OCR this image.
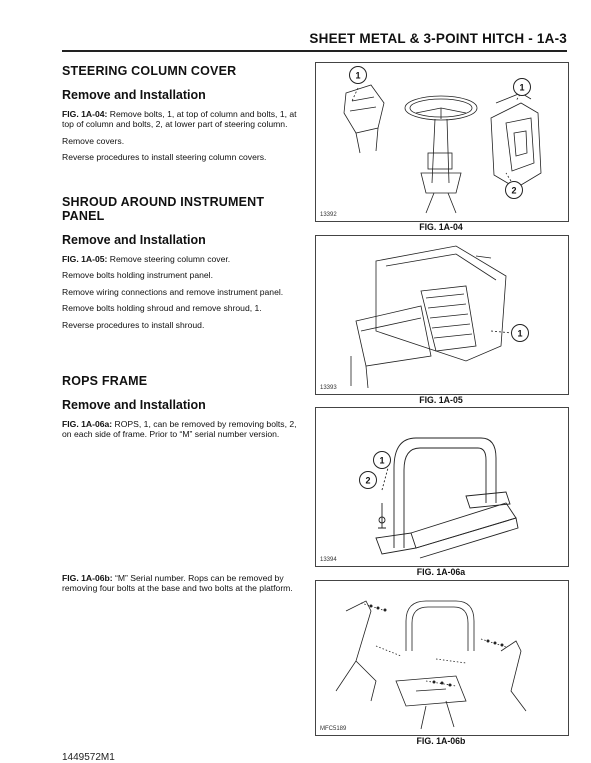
SHEET METAL & 3-POINT HITCH - 1A-3
STEERING COLUMN COVER
Remove and Installation

FIG. 1A-04: Remove bolts, 1, at top of column and bolts, 1, at top of column and bolts, 2, at lower part of steering column.

Remove covers.

Reverse procedures to install steering column covers.

SHROUD AROUND INSTRUMENT PANEL
Remove and Installation

FIG. 1A-05: Remove steering column cover.

Remove bolts holding instrument panel.

Remove wiring connections and remove instrument panel.

Remove bolts holding shroud and remove shroud, 1.

Reverse procedures to install shroud.

ROPS FRAME
Remove and Installation

FIG. 1A-06a: ROPS, 1, can be removed by removing bolts, 2, on each side of frame. Prior to “M” serial number version.

FIG. 1A-06b: “M” Serial number. Rops can be removed by removing four bolts at the base and two bolts at the platform.

1
1
2
13392
FIG. 1A-04
1
13393
FIG. 1A-05
1
2
13394
FIG. 1A-06a
MFC5189
FIG. 1A-06b
1449572M1
